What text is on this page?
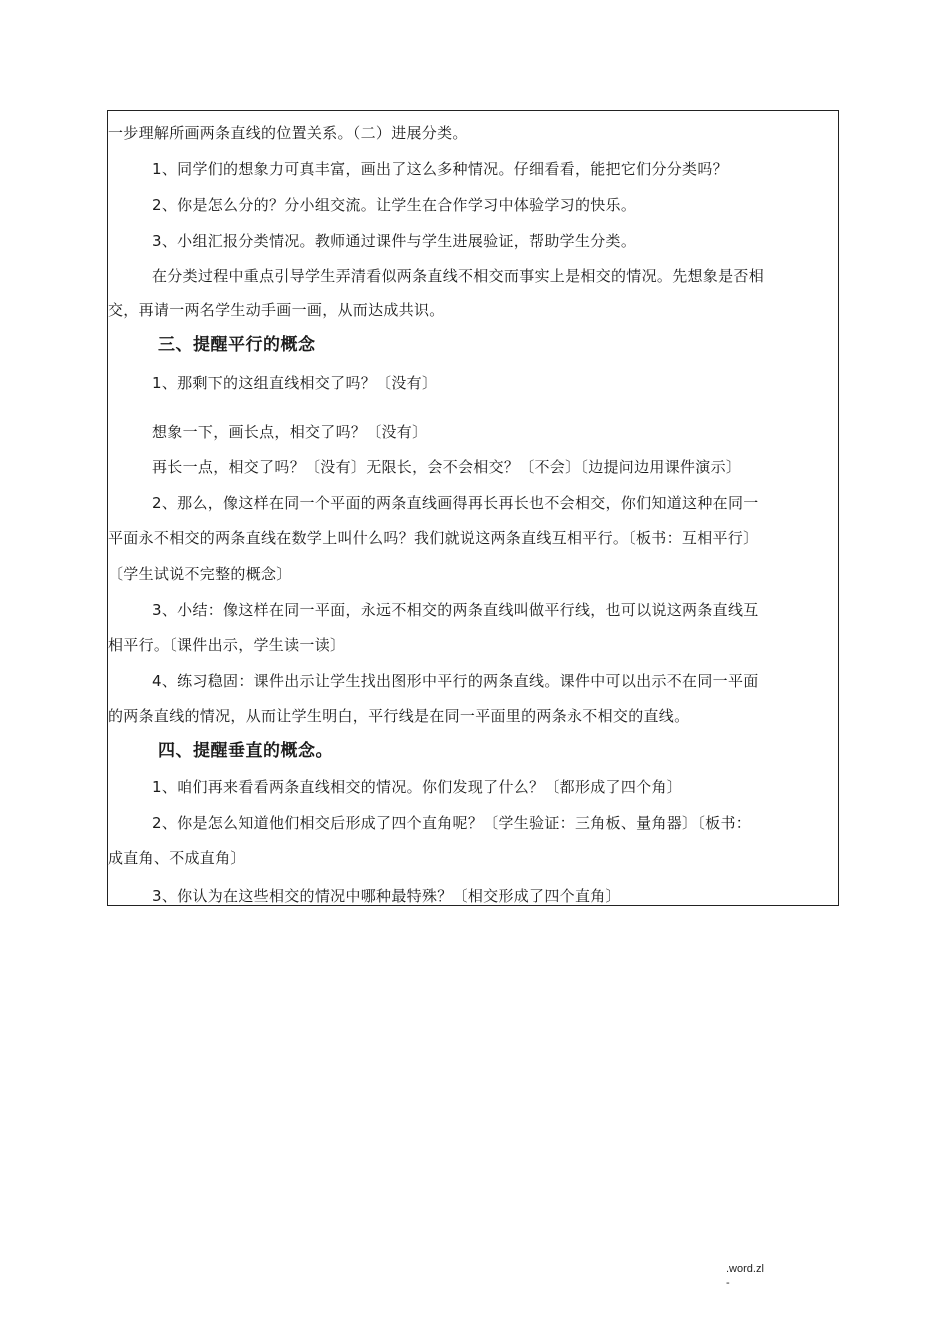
一步理解所画两条直线的位置关系。（二）进展分类。
1、同学们的想象力可真丰富，画出了这么多种情况。仔细看看，能把它们分分类吗？
2、你是怎么分的？分小组交流。让学生在合作学习中体验学习的快乐。
3、小组汇报分类情况。教师通过课件与学生进展验证，帮助学生分类。
在分类过程中重点引导学生弄清看似两条直线不相交而事实上是相交的情况。先想象是否相
交，再请一两名学生动手画一画，从而达成共识。
三、提醒平行的概念
1、那剩下的这组直线相交了吗？〔没有〕
想象一下，画长点，相交了吗？〔没有〕
再长一点，相交了吗？〔没有〕无限长，会不会相交？〔不会〕〔边提问边用课件演示〕
2、那么，像这样在同一个平面的两条直线画得再长再长也不会相交，你们知道这种在同一
平面永不相交的两条直线在数学上叫什么吗？我们就说这两条直线互相平行。〔板书：互相平行〕
〔学生试说不完整的概念〕
3、小结：像这样在同一平面，永远不相交的两条直线叫做平行线，也可以说这两条直线互
相平行。〔课件出示，学生读一读〕
4、练习稳固：课件出示让学生找出图形中平行的两条直线。课件中可以出示不在同一平面
的两条直线的情况，从而让学生明白，平行线是在同一平面里的两条永不相交的直线。
四、提醒垂直的概念。
1、咱们再来看看两条直线相交的情况。你们发现了什么？〔都形成了四个角〕
2、你是怎么知道他们相交后形成了四个直角呢？〔学生验证：三角板、量角器〕〔板书：
成直角、不成直角〕
3、你认为在这些相交的情况中哪种最特殊？〔相交形成了四个直角〕
.word.zl
-
